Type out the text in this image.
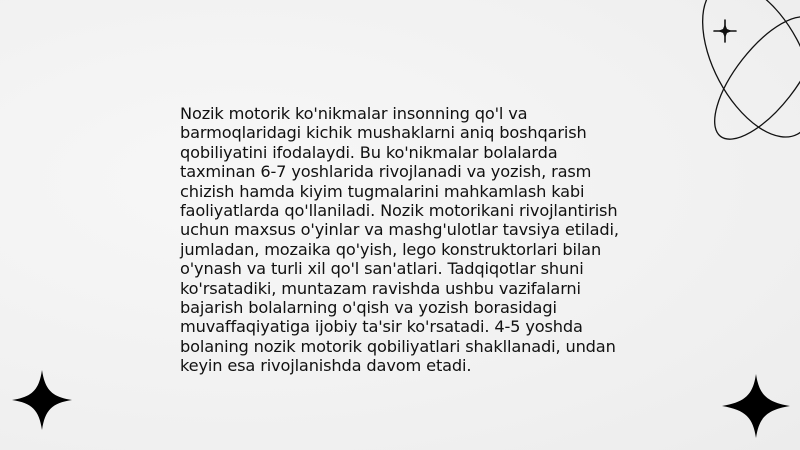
Nozik motorik ko'nikmalar insonning qo'l va barmoqlaridagi kichik mushaklarni aniq boshqarish qobiliyatini ifodalaydi. Bu ko'nikmalar bolalarda taxminan 6-7 yoshlarida rivojlanadi va yozish, rasm chizish hamda kiyim tugmalarini mahkamlash kabi faoliyatlarda qo'llaniladi. Nozik motorikani rivojlantirish uchun maxsus o'yinlar va mashg'ulotlar tavsiya etiladi, jumladan, mozaika qo'yish, lego konstruktorlari bilan o'ynash va turli xil qo'l san'atlari. Tadqiqotlar shuni ko'rsatadiki, muntazam ravishda ushbu vazifalarni bajarish bolalarning o'qish va yozish borasidagi muvaffaqiyatiga ijobiy ta'sir ko'rsatadi. 4-5 yoshda bolaning nozik motorik qobiliyatlari shakllanadi, undan keyin esa rivojlanishda davom etadi.
